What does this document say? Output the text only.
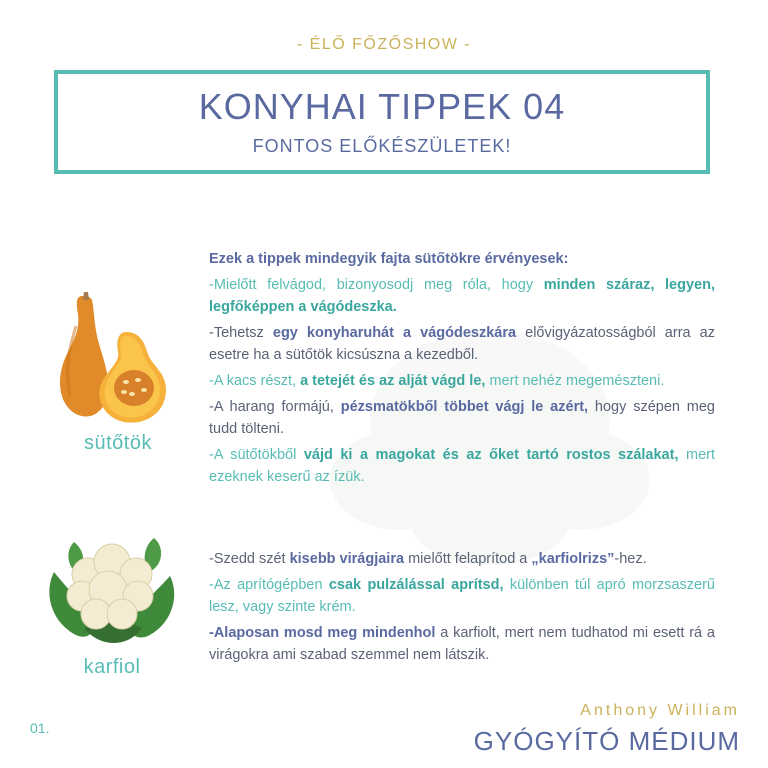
- ÉLŐ FŐZŐSHOW -
KONYHAI TIPPEK 04
FONTOS ELŐKÉSZÜLETEK!
sütőtök
Ezek a tippek mindegyik fajta sütőtökre érvényesek:
-Mielőtt felvágod, bizonyosodj meg róla, hogy minden száraz, legyen, legfőképpen a vágódeszka.
-Tehetsz egy konyharuhát a vágódeszkára elővigyázatosságból arra az esetre ha a sütőtök kicsúszna a kezedből.
-A kacs részt, a tetejét és az alját vágd le, mert nehéz megemészteni.
-A harang formájú, pézsmatökből többet vágj le azért, hogy szépen meg tudd tölteni.
-A sütőtökből vájd ki a magokat és az őket tartó rostos szálakat, mert ezeknek keserű az ízük.
karfiol
-Szedd szét kisebb virágjaira mielőtt felaprítod a „karfiolrizs”-hez.
-Az aprítógépben csak pulzálással aprítsd, különben túl apró morzsaszerű lesz, vagy szinte krém.
-Alaposan mosd meg mindenhol a karfiolt, mert nem tudhatod mi esett rá a virágokra ami szabad szemmel nem látszik.
01.
Anthony William
GYÓGYÍTÓ MÉDIUM
